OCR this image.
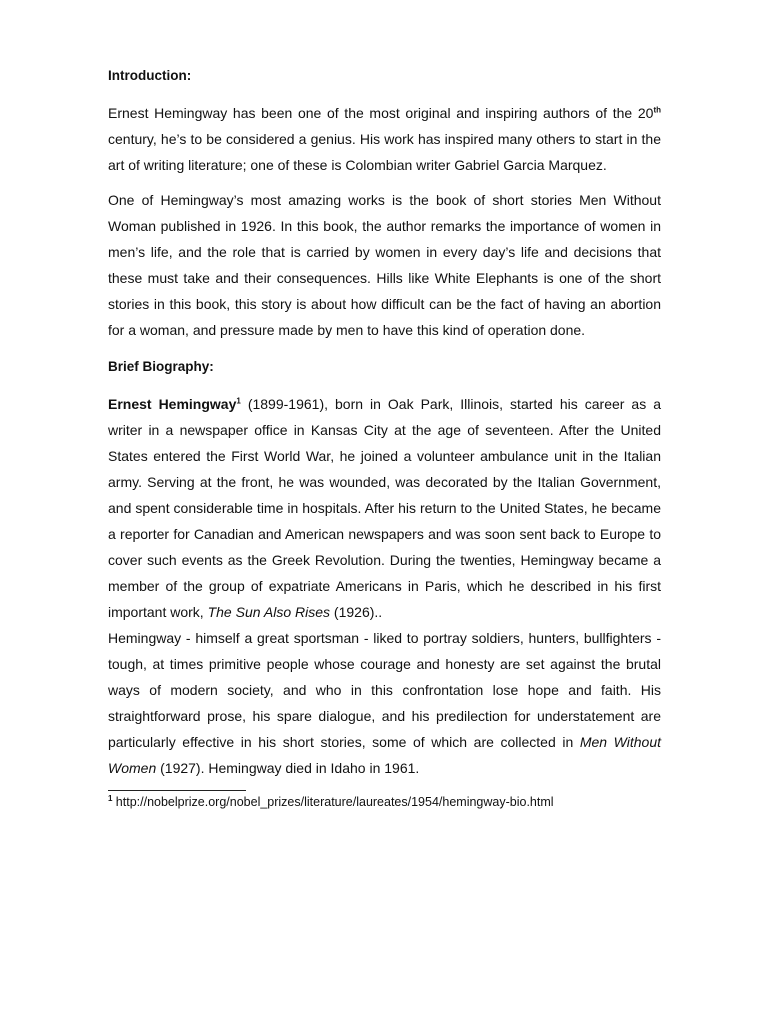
Introduction:

Ernest Hemingway has been one of the most original and inspiring authors of the 20th century, he’s to be considered a genius. His work has inspired many others to start in the art of writing literature; one of these is Colombian writer Gabriel Garcia Marquez.

One of Hemingway’s most amazing works is the book of short stories Men Without Woman published in 1926. In this book, the author remarks the importance of women in men’s life, and the role that is carried by women in every day’s life and decisions that these must take and their consequences. Hills like White Elephants is one of the short stories in this book, this story is about how difficult can be the fact of having an abortion for a woman, and pressure made by men to have this kind of operation done.

Brief Biography:

Ernest Hemingway$^1$ (1899-1961), born in Oak Park, Illinois, started his career as a writer in a newspaper office in Kansas City at the age of seventeen. After the United States entered the First World War, he joined a volunteer ambulance unit in the Italian army. Serving at the front, he was wounded, was decorated by the Italian Government, and spent considerable time in hospitals. After his return to the United States, he became a reporter for Canadian and American newspapers and was soon sent back to Europe to cover such events as the Greek Revolution. During the twenties, Hemingway became a member of the group of expatriate Americans in Paris, which he described in his first important work, The Sun Also Rises (1926)..
Hemingway - himself a great sportsman - liked to portray soldiers, hunters, bullfighters - tough, at times primitive people whose courage and honesty are set against the brutal ways of modern society, and who in this confrontation lose hope and faith. His straightforward prose, his spare dialogue, and his predilection for understatement are particularly effective in his short stories, some of which are collected in Men Without Women (1927). Hemingway died in Idaho in 1961.

$^1$ http://nobelprize.org/nobel_prizes/literature/laureates/1954/hemingway-bio.html
